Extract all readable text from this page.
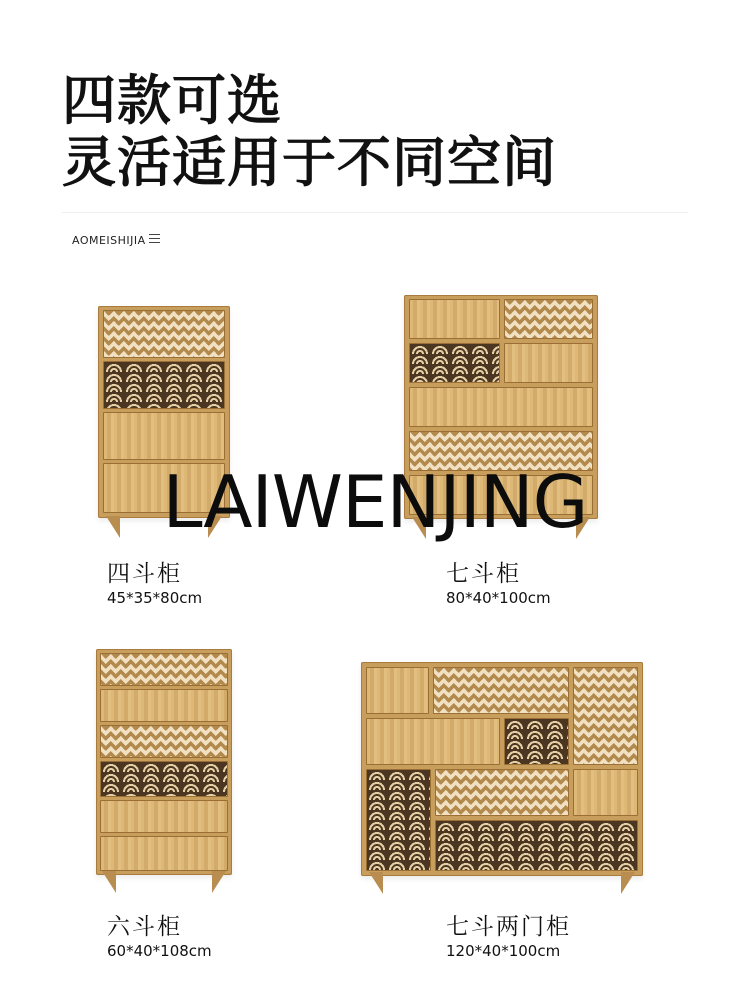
四款可选
灵活适用于不同空间
AOMEISHIJIA
LAIWENJING
四斗柜
45*35*80cm
七斗柜
80*40*100cm
六斗柜
60*40*108cm
七斗两门柜
120*40*100cm
